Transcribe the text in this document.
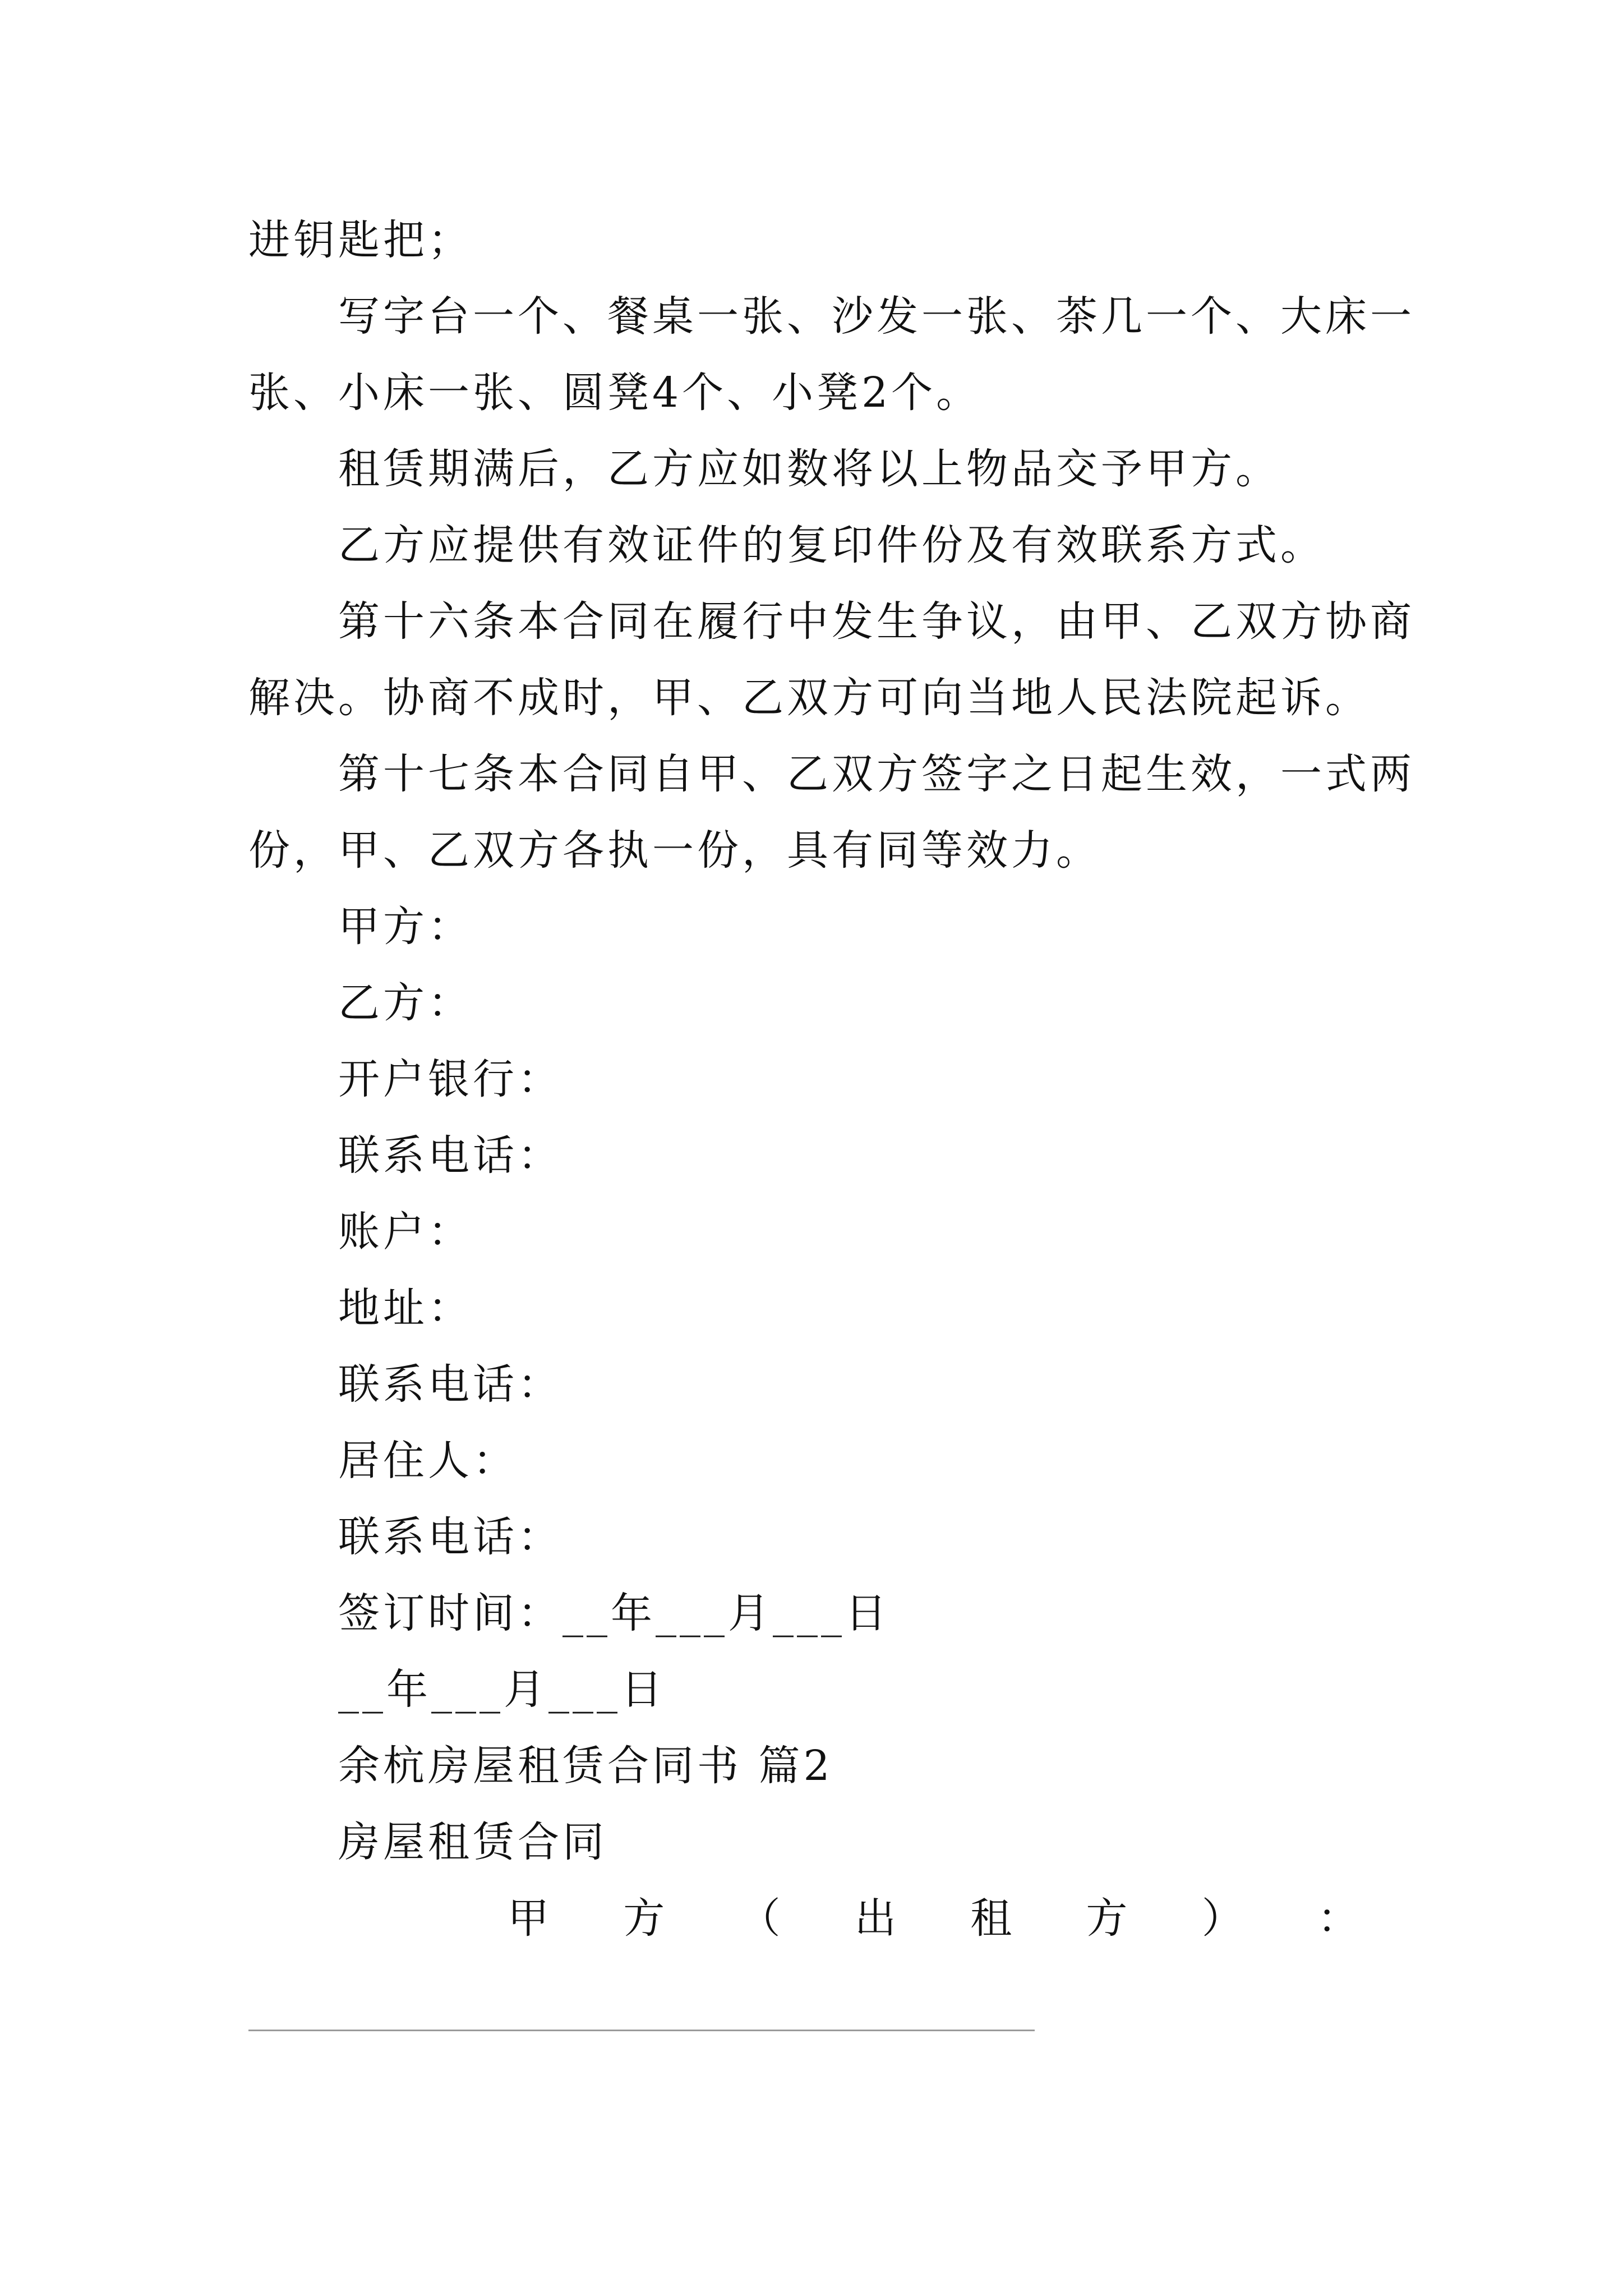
进钥匙把；
写字台一个、餐桌一张、沙发一张、茶几一个、大床一
张、小床一张、圆凳4个、小凳2个。
租赁期满后，乙方应如数将以上物品交予甲方。
乙方应提供有效证件的复印件份及有效联系方式。
第十六条本合同在履行中发生争议，由甲、乙双方协商
解决。协商不成时，甲、乙双方可向当地人民法院起诉。
第十七条本合同自甲、乙双方签字之日起生效，一式两
份，甲、乙双方各执一份，具有同等效力。
甲方：
乙方：
开户银行：
联系电话：
账户：
地址：
联系电话：
居住人：
联系电话：
签订时间：__年___月___日
__年___月___日
余杭房屋租赁合同书 篇2
房屋租赁合同
甲 方 （ 出 租 方 ） ：
